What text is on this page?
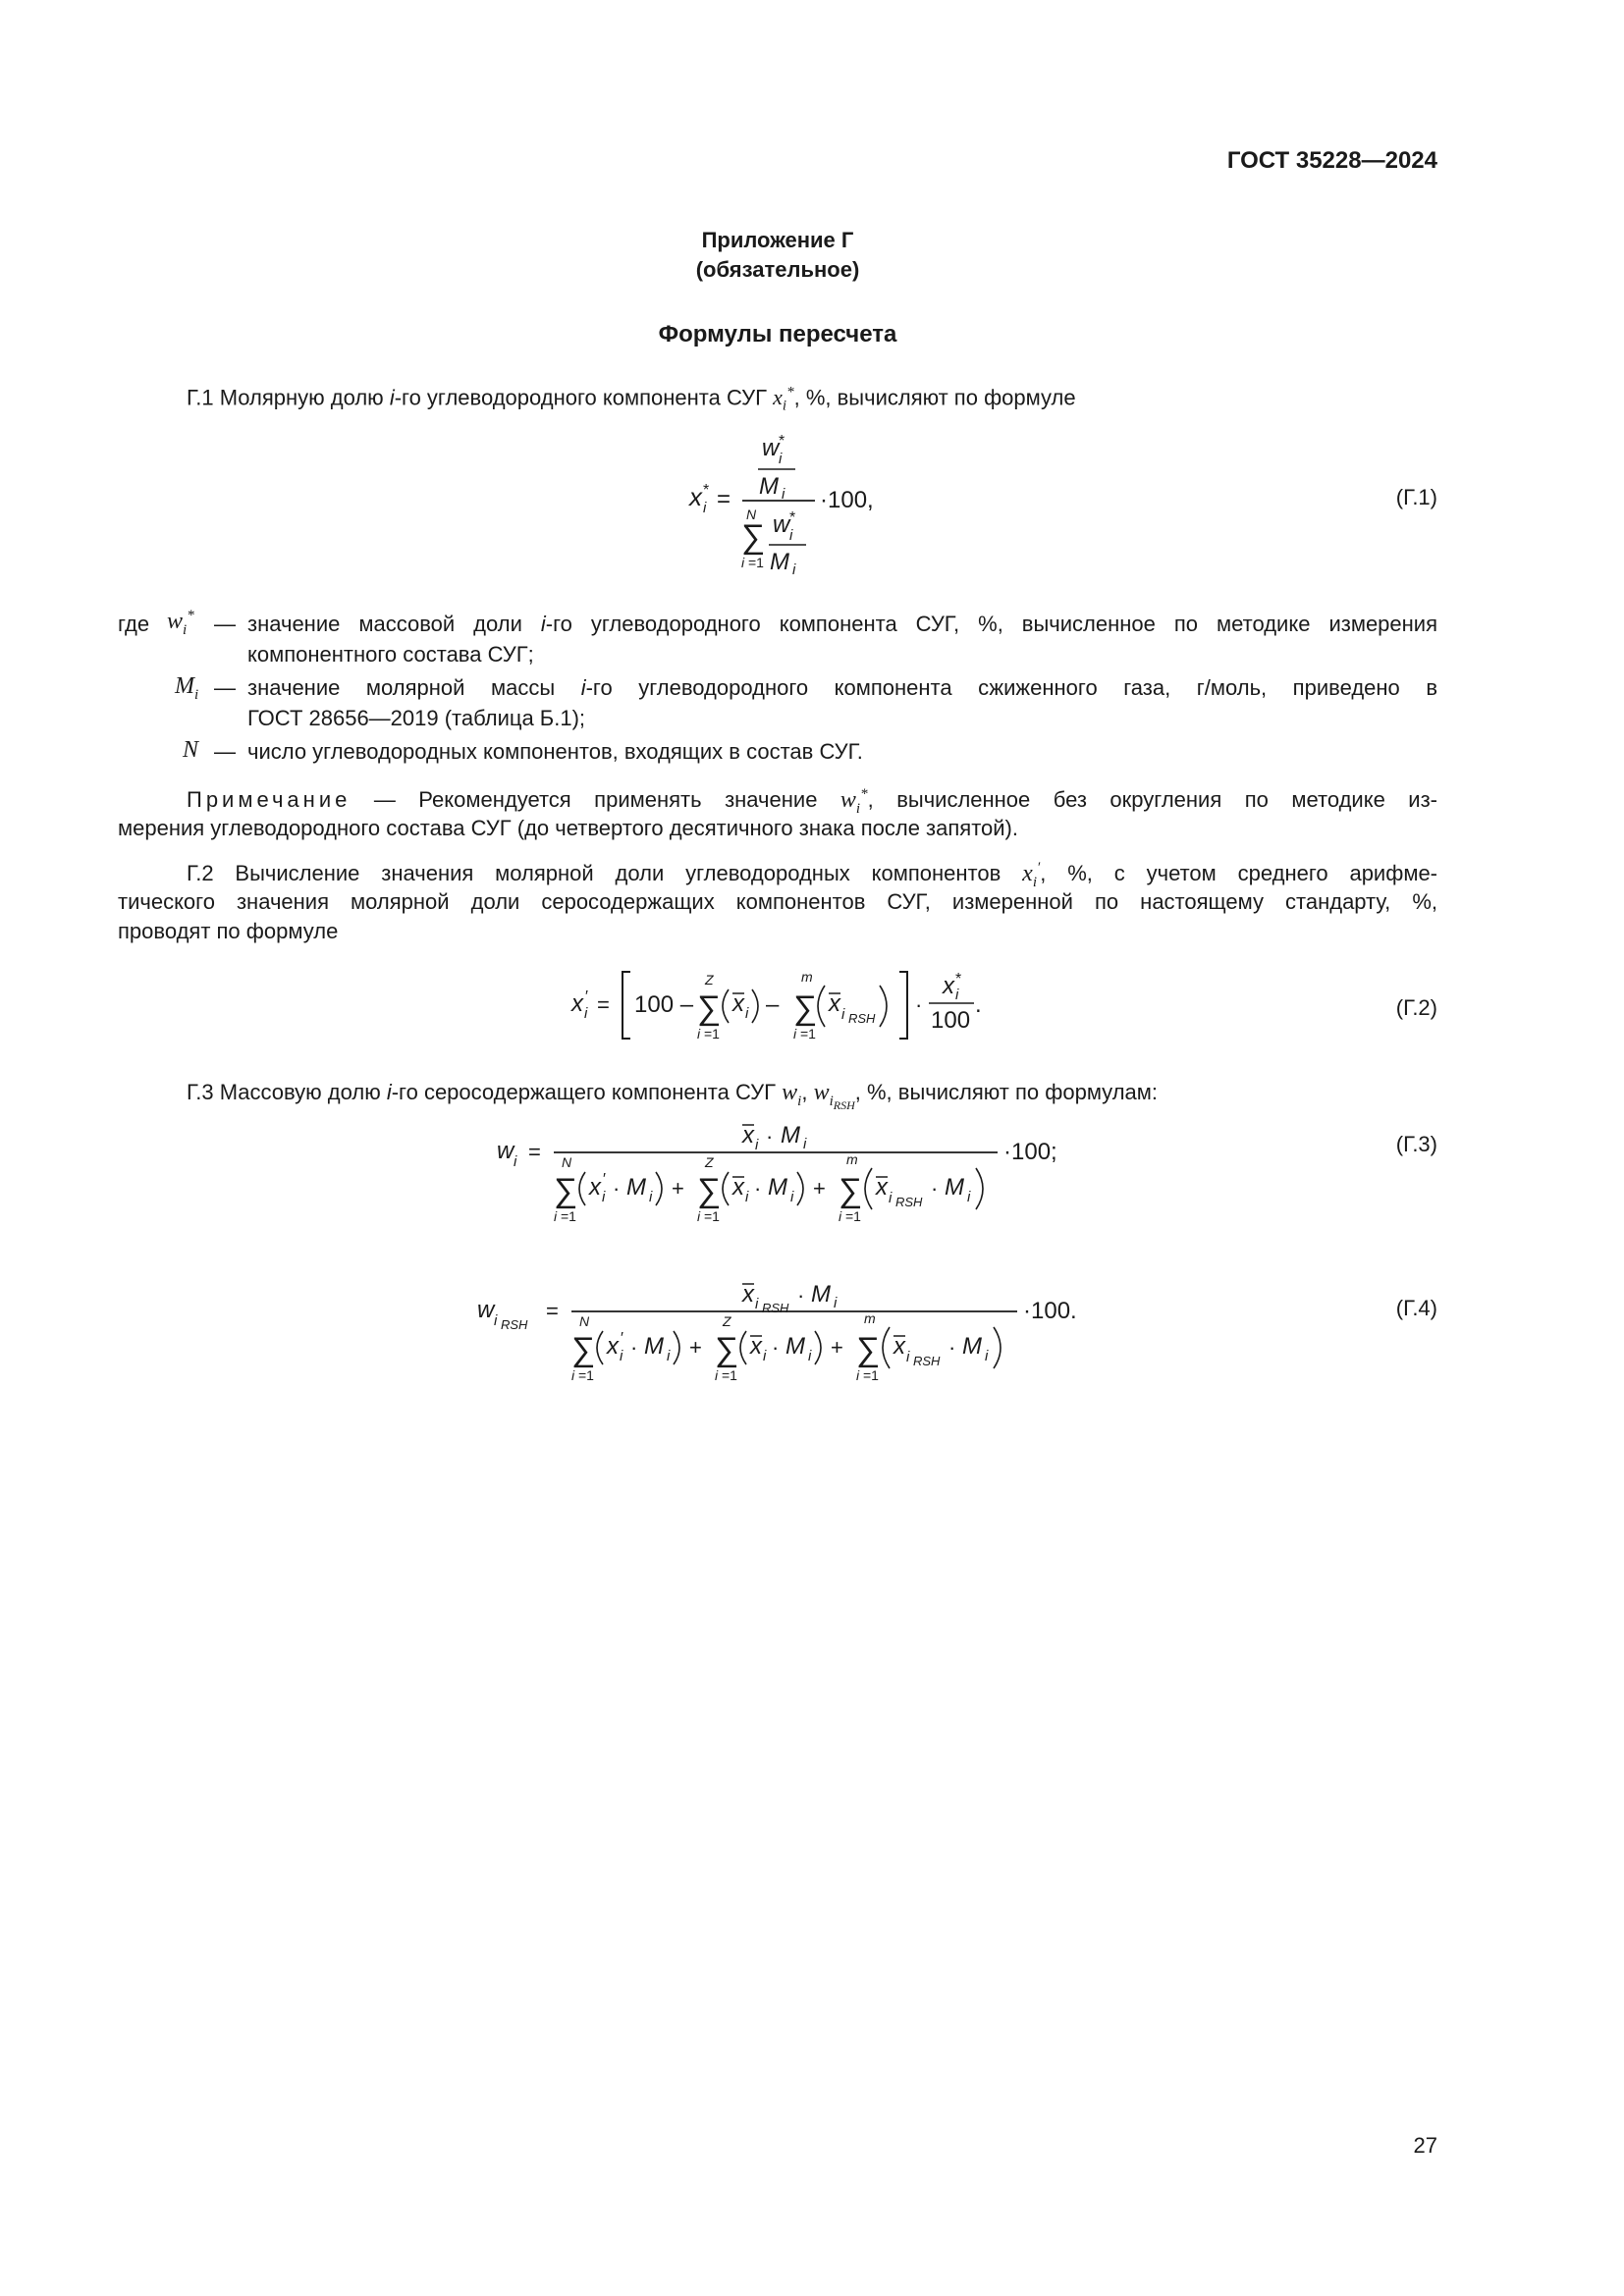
ГОСТ 35228—2024
Приложение Г
(обязательное)
Формулы пересчета
Г.1 Молярную долю i-го углеводородного компонента СУГ $x_i^*$, %, вычисляют по формуле
x i
* =
w i
*
M i ·100,
N
∑
i =1
w i
*
M i
(Г.1)
где $w_i^*$ — значение массовой доли i-го углеводородного компонента СУГ, %, вычисленное по методике измерения
компонентного состава СУГ;
$M_i$ — значение молярной массы i-го углеводородного компонента сжиженного газа, г/моль, приведено в
ГОСТ 28656—2019 (таблица Б.1);
N — число углеводородных компонентов, входящих в состав СУГ.
Примечание — Рекомендуется применять значение $w_i^*$, вычисленное без округления по методике из-
мерения углеводородного состава СУГ (до четвертого десятичного знака после запятой).
Г.2 Вычисление значения молярной доли углеводородных компонентов $x_i'$, %, с учетом среднего арифме-
тического значения молярной доли серосодержащих компонентов СУГ, измеренной по настоящему стандарту, %,
проводят по формуле
x i
′ = 100 –
Z
∑
i =1
x i –
m
∑
i =1
x i RSH
·
x i
*
100
.	(Г.2)
Г.3 Массовую долю i-го серосодержащего компонента СУГ $w_i$, $w_{i_{RSH}}$, %, вычисляют по формулам:
w i =
x i · M i	·100;
N
∑
i =1
x i
′ · M i +
Z
∑
i =1
x i · M i +
m
∑
i =1
x i RSH
· M i
(Г.3)
w i RSH
=
x i RSH
· M i	·100.
N
∑
i =1
x i
′ · M i +
Z
∑
i =1
x i · M i +
m
∑
i =1
x i RSH
· M i
(Г.4)
27
